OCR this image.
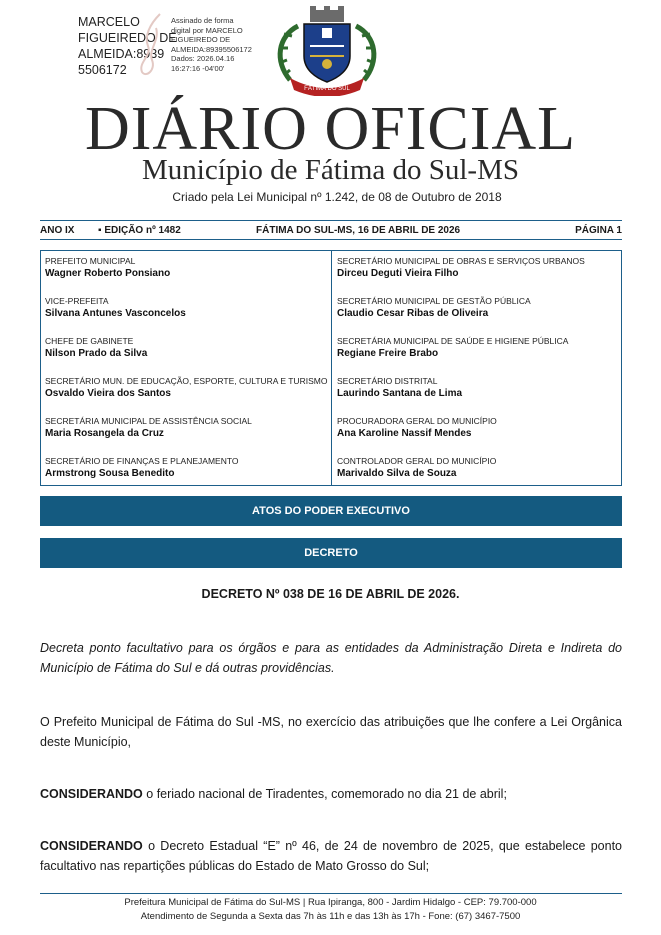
MARCELO
FIGUEIREDO DE
ALMEIDA:8939
5506172
Assinado de forma
digital por MARCELO
FIGUEIREDO DE
ALMEIDA:89395506172
Dados: 2026.04.16
16:27:16 -04'00'
FÁTIMA DO SUL
DIÁRIO OFICIAL
Município de Fátima do Sul-MS
Criado pela Lei Municipal nº 1.242, de 08 de Outubro de 2018
ANO IX ▪ EDIÇÃO nº 1482	FÁTIMA DO SUL-MS, 16 DE ABRIL DE 2026	PÁGINA 1
PREFEITO MUNICIPAL
Wagner Roberto Ponsiano
SECRETÁRIO MUNICIPAL DE OBRAS E SERVIÇOS URBANOS
Dirceu Deguti Vieira Filho
VICE-PREFEITA
Silvana Antunes Vasconcelos
SECRETÁRIO MUNICIPAL DE GESTÃO PÚBLICA
Claudio Cesar Ribas de Oliveira
CHEFE DE GABINETE
Nilson Prado da Silva
SECRETÁRIA MUNICIPAL DE SAÚDE E HIGIENE PÚBLICA
Regiane Freire Brabo
SECRETÁRIO MUN. DE EDUCAÇÃO, ESPORTE, CULTURA E TURISMO
Osvaldo Vieira dos Santos
SECRETÁRIO DISTRITAL
Laurindo Santana de Lima
SECRETÁRIA MUNICIPAL DE ASSISTÊNCIA SOCIAL
Maria Rosangela da Cruz
PROCURADORA GERAL DO MUNICÍPIO
Ana Karoline Nassif Mendes
SECRETÁRIO DE FINANÇAS E PLANEJAMENTO
Armstrong Sousa Benedito
CONTROLADOR GERAL DO MUNICÍPIO
Marivaldo Silva de Souza
ATOS DO PODER EXECUTIVO
DECRETO
DECRETO Nº 038 DE 16 DE ABRIL DE 2026.
Decreta ponto facultativo para os órgãos e para as entidades da Administração Direta e Indireta do Município de Fátima do Sul e dá outras providências.
O Prefeito Municipal de Fátima do Sul -MS, no exercício das atribuições que lhe confere a Lei Orgânica deste Município,
CONSIDERANDO o feriado nacional de Tiradentes, comemorado no dia 21 de abril;
CONSIDERANDO o Decreto Estadual “E” nº 46, de 24 de novembro de 2025, que estabelece ponto facultativo nas repartições públicas do Estado de Mato Grosso do Sul;
Prefeitura Municipal de Fátima do Sul-MS | Rua Ipiranga, 800 - Jardim Hidalgo - CEP: 79.700-000
Atendimento de Segunda a Sexta das 7h às 11h e das 13h às 17h - Fone: (67) 3467-7500
